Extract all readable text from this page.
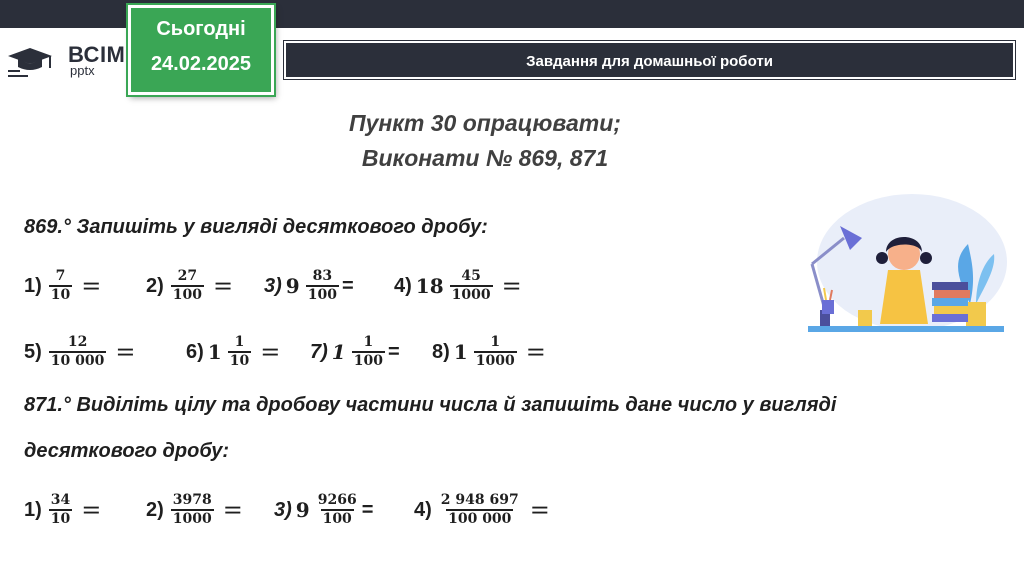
ВСІМ
pptx
Сьогодні
24.02.2025	Завдання для домашньої роботи
Пункт 30 опрацювати;
Виконати № 869, 871
869.° Запишіть у вигляді десяткового дробу:
$1) \frac{7}{10} = 2) \frac{27}{100} = 3$) $9 \frac{83}{100} = 4$) $18 \frac{45}{1000}$ =
$5) \frac{12}{10 000}$ =	6) $1 \frac{1}{10} = 7$) $1 \frac{1}{100} = 8$) $1 \frac{1}{1000}$ =
871.° Виділіть цілу та дробову частини числа й запишіть дане число у вигляді
десяткового дробу:
$1) \frac{34}{10} = 2) \frac{3978}{1000} = 3$) $9 \frac{9266}{100} = 4) \frac{2 948 697}{100 000}$ =
